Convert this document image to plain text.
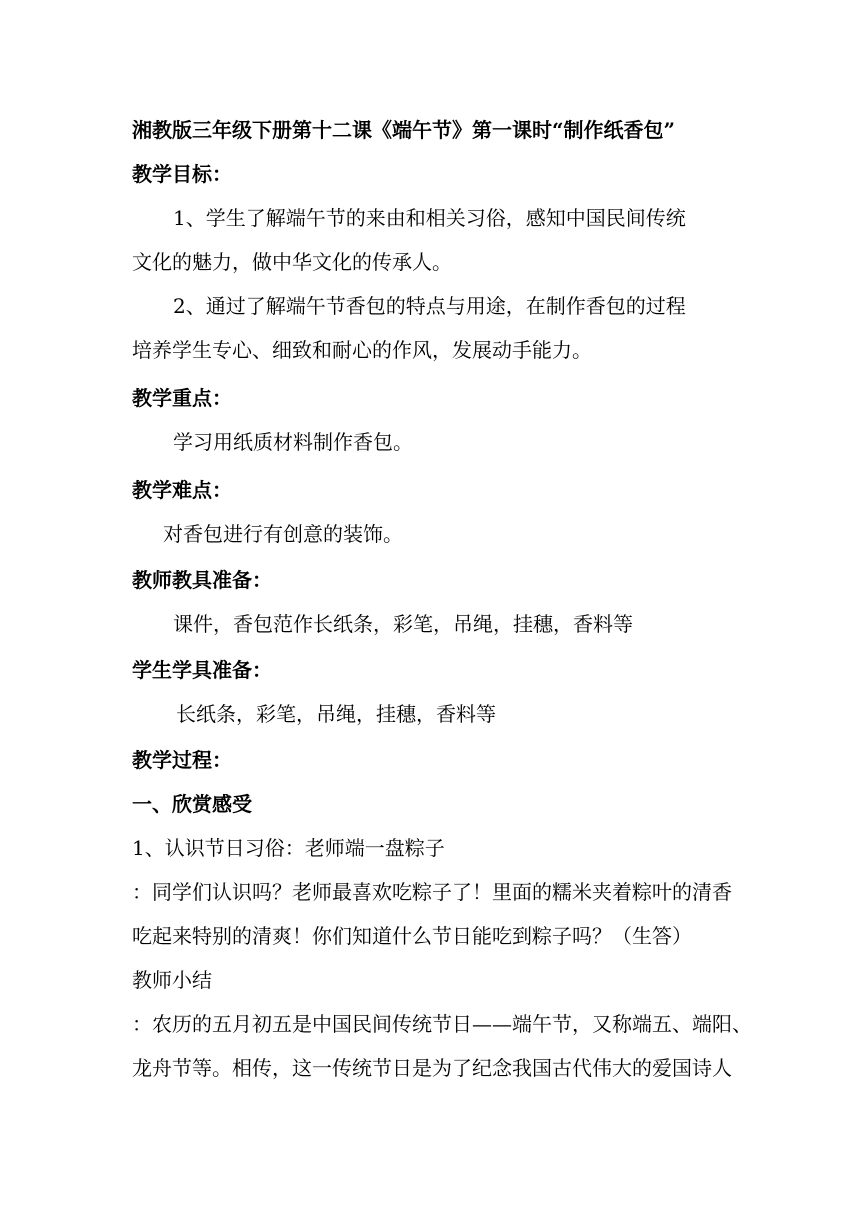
湘教版三年级下册第十二课《端午节》第一课时“制作纸香包”
教学目标：
1、学生了解端午节的来由和相关习俗，感知中国民间传统
文化的魅力，做中华文化的传承人。
2、通过了解端午节香包的特点与用途，在制作香包的过程
培养学生专心、细致和耐心的作风，发展动手能力。
教学重点：
学习用纸质材料制作香包。
教学难点：
对香包进行有创意的装饰。
教师教具准备：
课件，香包范作长纸条，彩笔，吊绳，挂穗，香料等
学生学具准备：
长纸条，彩笔，吊绳，挂穗，香料等
教学过程：
一、欣赏感受
1、认识节日习俗：老师端一盘粽子
：同学们认识吗？老师最喜欢吃粽子了！里面的糯米夹着粽叶的清香
吃起来特别的清爽！你们知道什么节日能吃到粽子吗？（生答）
教师小结
：农历的五月初五是中国民间传统节日——端午节，又称端五、端阳、
龙舟节等。相传，这一传统节日是为了纪念我国古代伟大的爱国诗人
